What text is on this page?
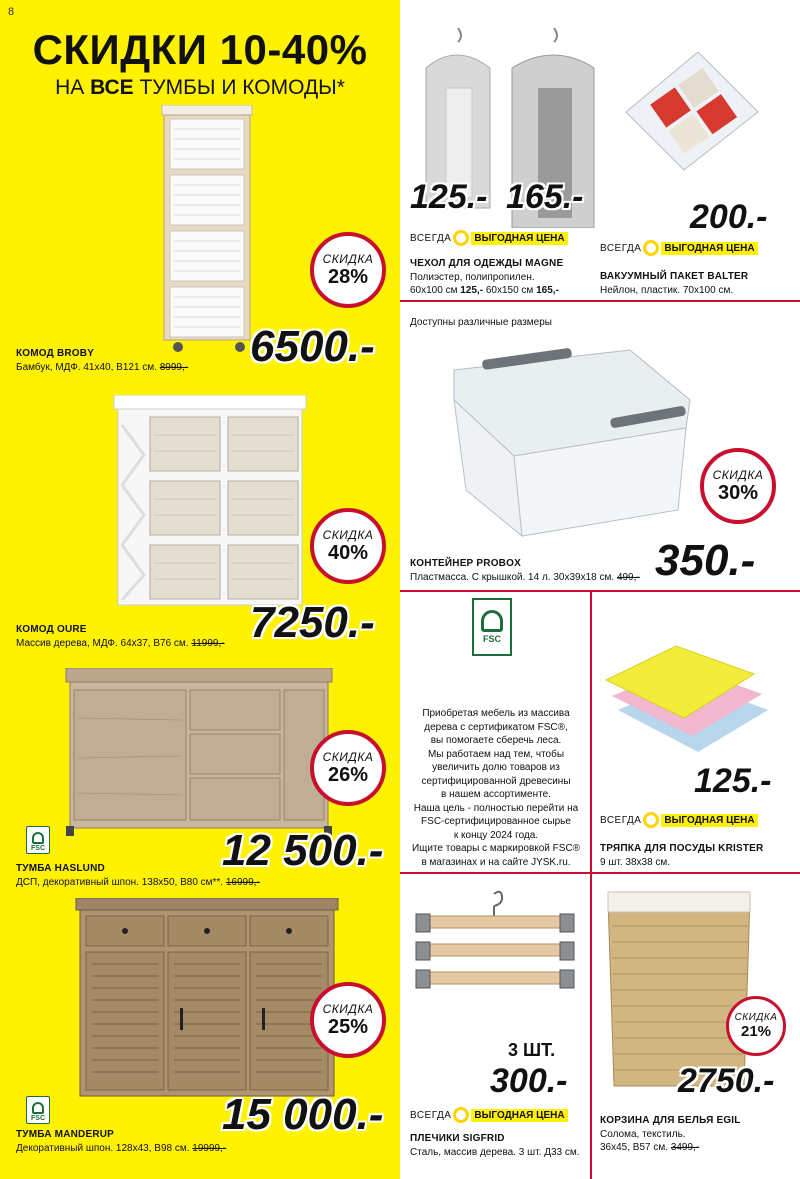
8
СКИДКИ 10-40%
НА ВСЕ ТУМБЫ И КОМОДЫ*
СКИДКА
28%
КОМОД BROBY
Бамбук, МДФ. 41х40, В121 см. 8999,- 6500.-
СКИДКА
40%
КОМОД OURE
Массив дерева, МДФ. 64х37, В76 см. 11999,- 7250.-
СКИДКА
26%
FSC
ТУМБА HASLUND
ДСП, декоративный шпон. 138х50, В80 см**. 16999,-
12 500.-
СКИДКА
25%
FSC
ТУМБА MANDERUP
Декоративный шпон. 128х43, В98 см. 19999,-
15 000.-
125.- 165.-
ВСЕГДА	ВЫГОДНАЯ ЦЕНА
ЧЕХОЛ ДЛЯ ОДЕЖДЫ MAGNE
Полиэстер, полипропилен.
60х100 см 125,- 60х150 см 165,-
200.-
ВСЕГДА	ВЫГОДНАЯ ЦЕНА
ВАКУУМНЫЙ ПАКЕТ BALTER
Нейлон, пластик. 70х100 см.
Доступны различные размеры
СКИДКА
30%
КОНТЕЙНЕР PROBOX
Пластмасса. С крышкой. 14 л. 30х39х18 см. 499,- 350.-
FSC
Приобретая мебель из массива
дерева с сертификатом FSC®,
вы помогаете сберечь леса.
Мы работаем над тем, чтобы
увеличить долю товаров из
сертифицированной древесины
в нашем ассортименте.
Наша цель - полностью перейти на
FSC-сертифицированное сырье
к концу 2024 года.
Ищите товары с маркировкой FSC®
в магазинах и на сайте JYSK.ru.
125.-
ВСЕГДА	ВЫГОДНАЯ ЦЕНА
ТРЯПКА ДЛЯ ПОСУДЫ KRISTER
9 шт. 38х38 см.
3 ШТ.
300.-
ВСЕГДА	ВЫГОДНАЯ ЦЕНА
ПЛЕЧИКИ SIGFRID
Сталь, массив дерева. 3 шт. Д33 см.
СКИДКА
21%
2750.-
КОРЗИНА ДЛЯ БЕЛЬЯ EGIL
Солома, текстиль.
36х45, В57 см. 3499,-
